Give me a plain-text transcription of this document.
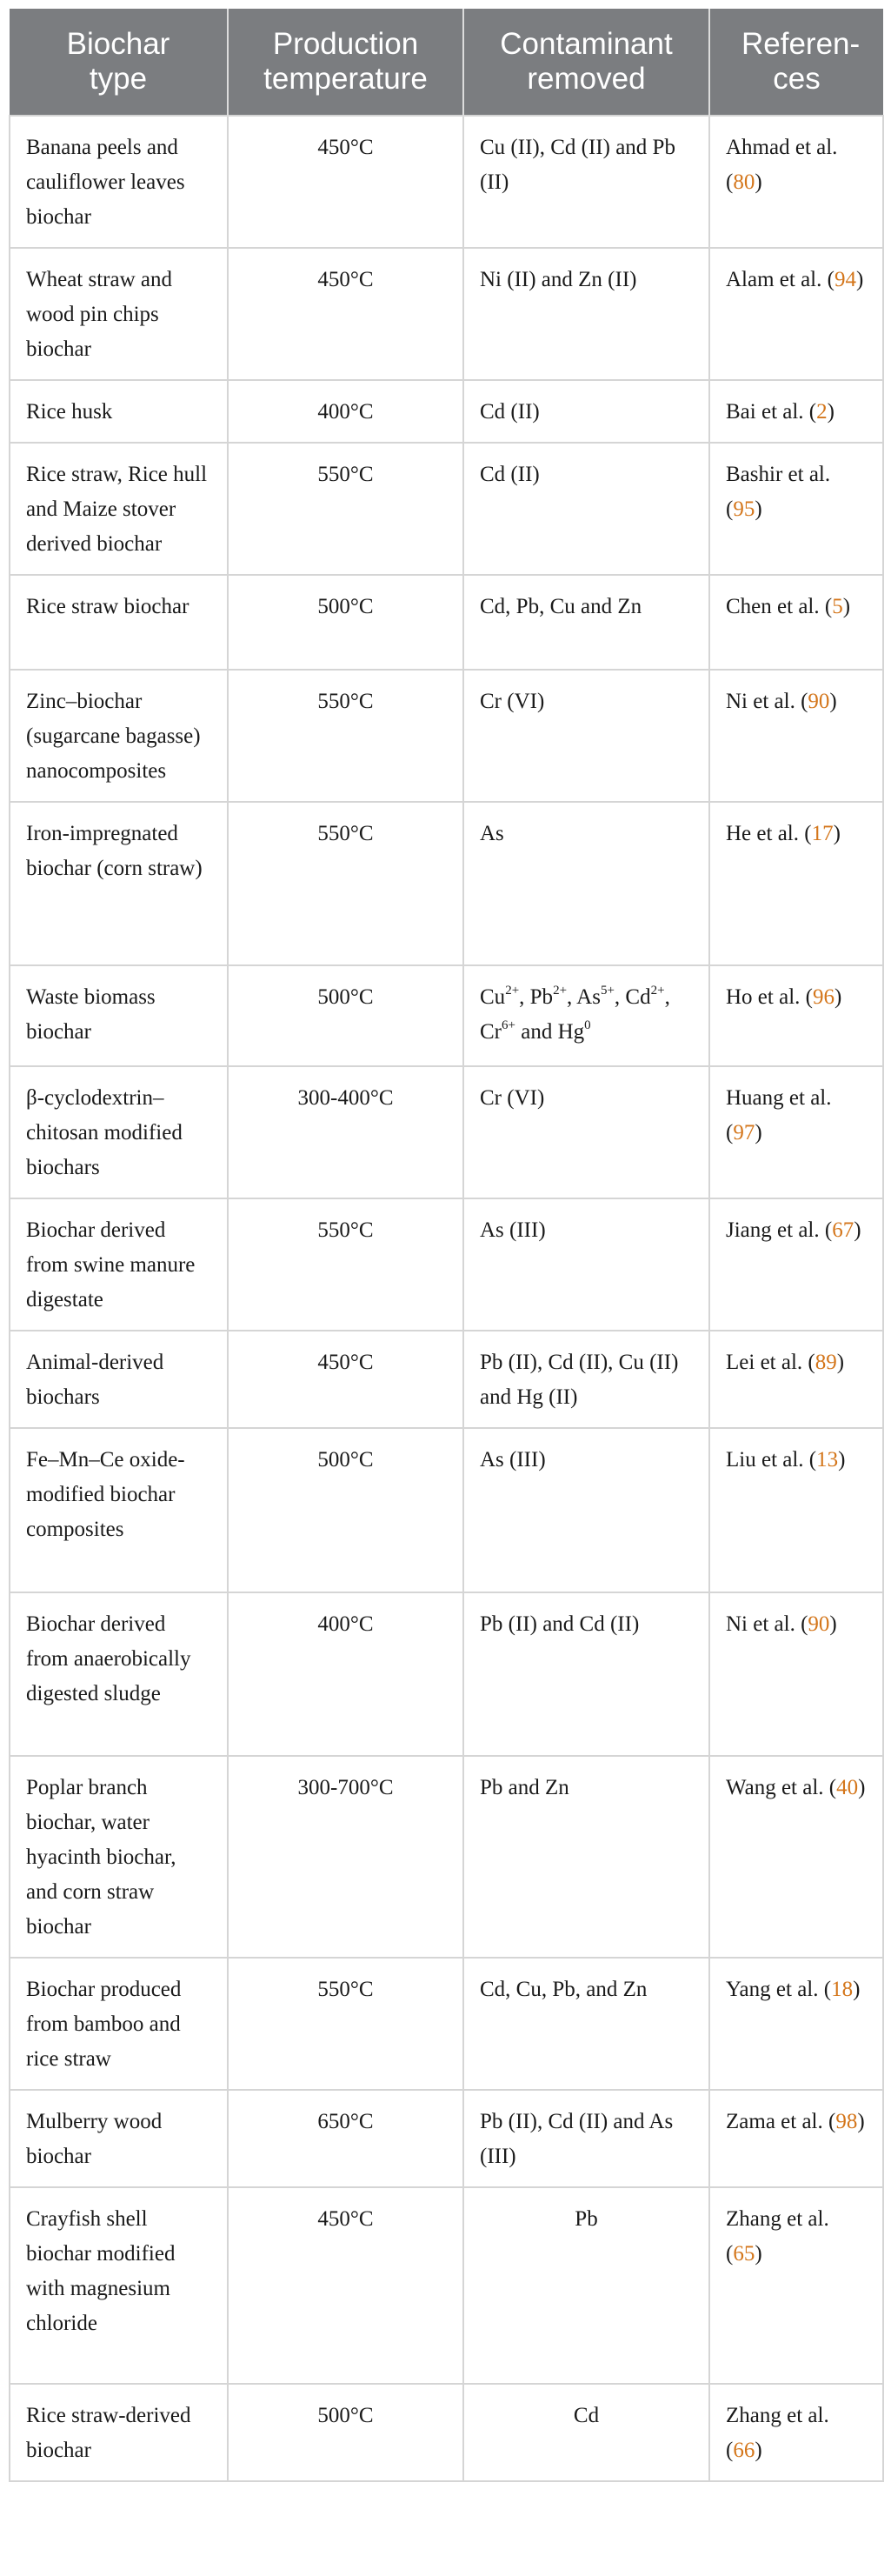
Biochar type	Production temperature	Contaminant removed	Referen-ces
Banana peels and cauliflower leaves biochar	450°C	Cu (II), Cd (II) and Pb (II)	Ahmad et al. (80)
Wheat straw and wood pin chips biochar	450°C	Ni (II) and Zn (II)	Alam et al. (94)
Rice husk	400°C	Cd (II)	Bai et al. (2)
Rice straw, Rice hull and Maize stover derived biochar	550°C	Cd (II)	Bashir et al. (95)
Rice straw biochar	500°C	Cd, Pb, Cu and Zn	Chen et al. (5)
Zinc–biochar (sugarcane bagasse) nanocomposites	550°C	Cr (VI)	Ni et al. (90)
Iron-impregnated biochar (corn straw)	550°C	As	He et al. (17)
Waste biomass biochar	500°C	$Cu^{2+}$, $Pb^{2+}$, $As^{5+}$, $Cd^{2+}$, $Cr^{6+}$ and Hg$^0$	Ho et al. (96)
β-cyclodextrin–chitosan modified biochars	300-400°C	Cr (VI)	Huang et al. (97)
Biochar derived from swine manure digestate	550°C	As (III)	Jiang et al. (67)
Animal-derived biochars	450°C	Pb (II), Cd (II), Cu (II) and Hg (II)	Lei et al. (89)
Fe–Mn–Ce oxide-modified biochar composites	500°C	As (III)	Liu et al. (13)
Biochar derived from anaerobically digested sludge	400°C	Pb (II) and Cd (II)	Ni et al. (90)
Poplar branch biochar, water hyacinth biochar, and corn straw biochar	300-700°C	Pb and Zn	Wang et al. (40)
Biochar produced from bamboo and rice straw	550°C	Cd, Cu, Pb, and Zn	Yang et al. (18)
Mulberry wood biochar	650°C	Pb (II), Cd (II) and As (III)	Zama et al. (98)
Crayfish shell biochar modified with magnesium chloride	450°C	Pb	Zhang et al. (65)
Rice straw-derived biochar	500°C	Cd	Zhang et al. (66)
